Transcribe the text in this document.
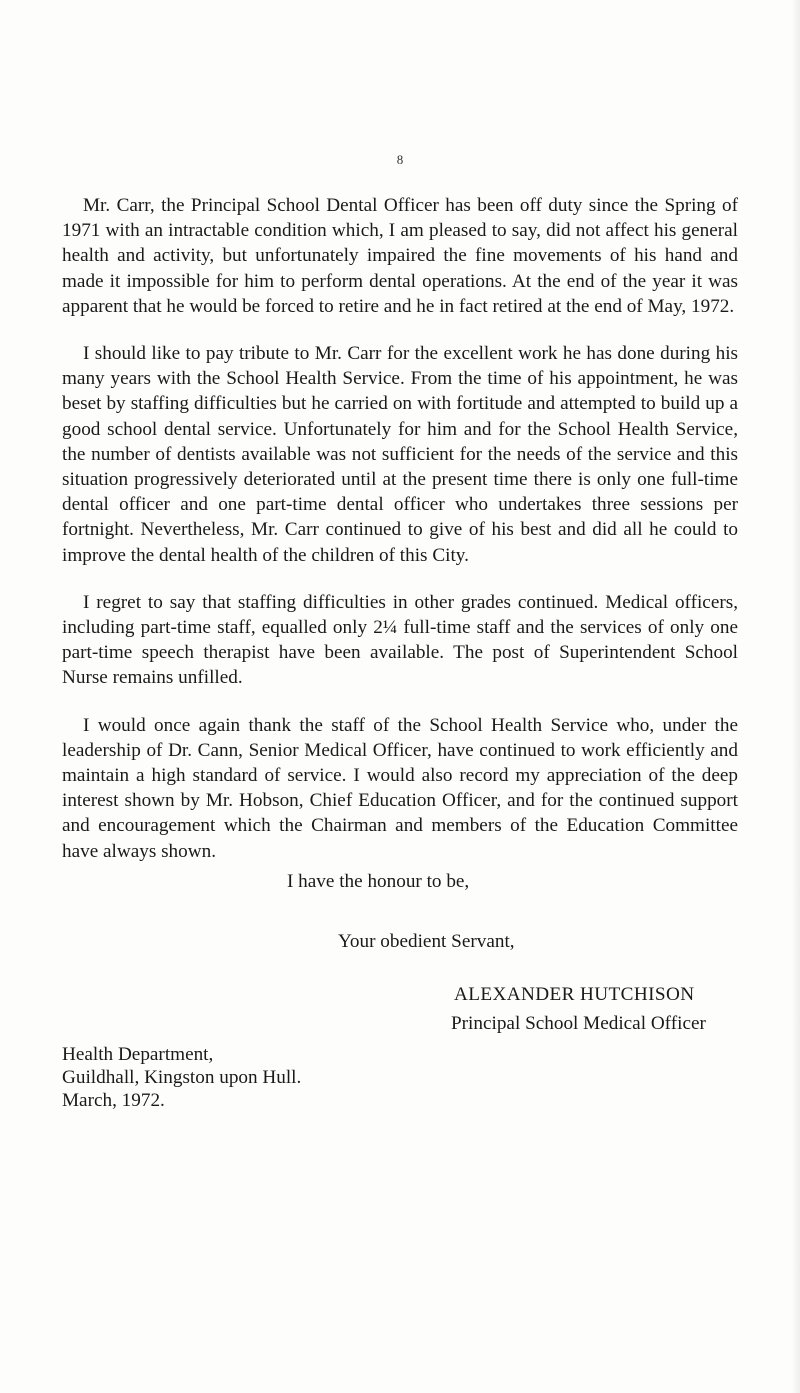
8

Mr. Carr, the Principal School Dental Officer has been off duty since the Spring of 1971 with an intractable condition which, I am pleased to say, did not affect his general health and activity, but unfortunately impaired the fine movements of his hand and made it impossible for him to perform dental operations. At the end of the year it was apparent that he would be forced to retire and he in fact retired at the end of May, 1972.

I should like to pay tribute to Mr. Carr for the excellent work he has done during his many years with the School Health Service. From the time of his appointment, he was beset by staffing difficulties but he carried on with fortitude and attempted to build up a good school dental service. Unfortunately for him and for the School Health Service, the number of dentists available was not sufficient for the needs of the service and this situation progressively deteriorated until at the present time there is only one full-time dental officer and one part-time dental officer who undertakes three sessions per fortnight. Nevertheless, Mr. Carr continued to give of his best and did all he could to improve the dental health of the children of this City.

I regret to say that staffing difficulties in other grades continued. Medical officers, including part-time staff, equalled only 2¼ full-time staff and the services of only one part-time speech therapist have been available. The post of Superintendent School Nurse remains unfilled.

I would once again thank the staff of the School Health Service who, under the leadership of Dr. Cann, Senior Medical Officer, have continued to work efficiently and maintain a high standard of service. I would also record my appreciation of the deep interest shown by Mr. Hobson, Chief Education Officer, and for the continued support and encouragement which the Chairman and members of the Education Committee have always shown.

I have the honour to be,
Your obedient Servant,
ALEXANDER HUTCHISON
Principal School Medical Officer
Health Department,
Guildhall, Kingston upon Hull.
March, 1972.
